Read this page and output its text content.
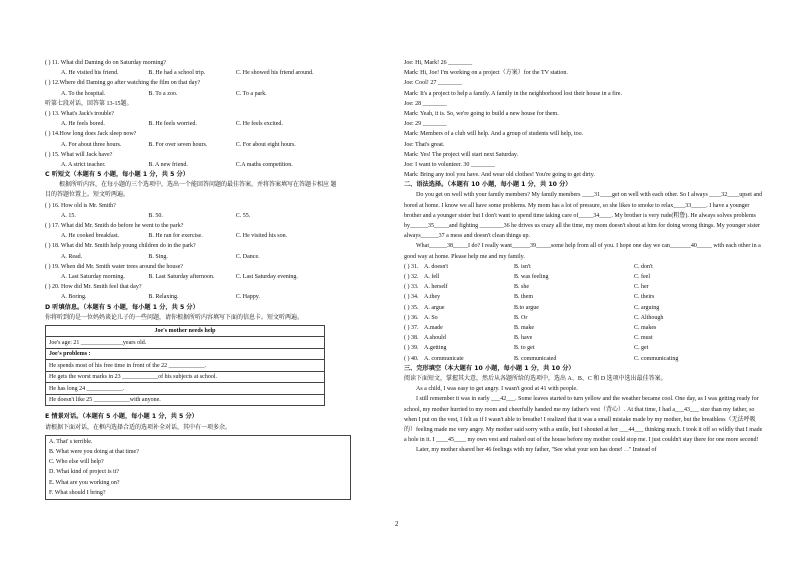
( ) 11. What did Daming do on Saturday morning?
A. He visited his friend.	B. He had a school trip.	C. He showed his friend around.
( ) 12.Where did Daming go after watching the film on that day?
A. To the hospital.	B. To a zoo.	C. To a park.
听第七段对话，回答第 13-15题。
( ) 13. What's Jack's trouble?
A. He feels bored.	B. He feels worried.	C. He feels excited.
( ) 14.How long does Jack sleep now?
A. For about three hours.	B. For over seven hours.	C. For about eight hours.
( ) 15. What will Jack have?
A. A strict teacher.	B. A new friend.	C.A maths competition.
C 听短文（本题有 5 小题，每小题 1 分，共 5 分）
根据所听内容，在每小题的三个选项中，选出一个能回答问题的最佳答案，并将答案填写在答题卡相应 题
目的答题位置上。短文听两遍。
( ) 16. How old is Mr. Smith?
A. 15.	B. 50.	C. 55.
( ) 17. What did Mr. Smith do before he went to the park?
A. He cooked breakfast.	B. He ran for exercise.	C. He visited his son.
( ) 18. What did Mr. Smith help young children do in the park?
A. Read.	B. Sing.	C. Dance.
( ) 19. When did Mr. Smith water trees around the house?
A. Last Saturday morning.	B. Last Saturday afternoon.	C. Last Saturday evening.
( ) 20. How did Mr. Smith feel that day?
A. Boring.	B. Relaxing.	C. Happy.
D 听填信息。（本题有 5 小题，每小题 1 分，共 5 分）
你将听到的是一位妈妈谈论儿子的一些问题，请你根据所听内容填写下面的信息卡。短文听两遍。
Joe's mother needs help
Joe's age: 21 ______________years old.
Joe's problems :
He spends most of his free time in front of the 22 ____________.
He gets the worst marks in 23 ____________of his subjects at school.
He has long 24 ____________.
He doesn't like 25 ____________with anyone.
E 情景对话。（本题有 5 小题，每小题 1 分，共 5 分）
请根据下面对话，在框内选择合适的选项补全对话，其中有一项多余。
A. That' s terrible.
B. What were you doing at that time?
C. Who else will help?
D. What kind of project is it?
E. What are you working on?
F. What should I bring?
Joe: Hi, Mark! 26 ________
Mark: Hi, Joe! I'm working on a project（方案）for the TV station.
Joe: Cool! 27 ________
Mark: It's a project to help a family. A family in the neighborhood lost their house in a fire.
Joe: 28 ________
Mark: Yeah, it is. So, we're going to build a new house for them.
Joe: 29 ________
Mark: Members of a club will help. And a group of students will help, too.
Joe: That's great.
Mark: Yes! The project will start next Saturday.
Joe: I want to volunteer. 30 ________
Mark: Bring any tool you have. And wear old clothes! You're going to get dirty.
二、语法选择。（本题有 10 小题，每小题 1 分，共 10 分）
Do you get on well with your family members? My family members ____31____get on well with each other. So I always ____32____upset and bored at home. I know we all have some problems. My mom has a lot of pressure, so she likes to smoke to relax____33_____. I have a younger brother and a younger sister but I don't want to spend time taking care of_____34____. My brother is very rude(粗鲁). He always solves problems by______35_____and fighting ________36 he drives us crazy all the time, my mom doesn't shout at him for doing wrong things. My younger sister always______37 a mess and doesn't clean things up.
What______38_____I do? I really want______39_____some help from all of you. I hope one day we can_______40_____ with each other in a good way at home. Please help me and my family.
( ) 31. A. doesn't	B. isn't	C. don't
( ) 32. A. fell	B. was feeling	C. feel
( ) 33. A. herself	B. she	C. her
( ) 34. A.they	B. them	C. theirs
( ) 35. A. argue	B.to argue	C. arguing
( ) 36. A. So	B. Or	C. Although
( ) 37. A.made	B. make	C. makes
( ) 38. A.should	B. have	C. must
( ) 39. A.getting	B. to get	C. get
( ) 40. A. communicate	B. communicated	C. communicating
三、完形填空（本大题有 10 小题，每小题 1 分，共 10 分）
阅读下面短文，掌握其大意，然后从各题所给的选项中，选出 A、B、C 和 D 选项中选出最佳答案。
As a child, I was easy to get angry. I wasn't good at 41 with people.
I still remember it was in early ___42___. Some leaves started to turn yellow and the weather became cool. One day, as I was getting ready for school, my mother hurried to my room and cheerfully handed me my father's vest（背心）. At that time, I had a___43___ size than my father, so when I put on the vest, I felt as if I wasn't able to breathe! I realized that it was a small mistake made by my mother, but the breathless（无法呼吸的）feeling made me very angry. My mother said sorry with a smile, but I shouted at her ___44___ thinking much. I took it off so wildly that I made a hole in it. I ____45____ my own vest and rushed out of the house before my mother could stop me. I just couldn't stay there for one more second!
Later, my mother shared her 46 feelings with my father, "See what your son has done! . ." Instead of
2
